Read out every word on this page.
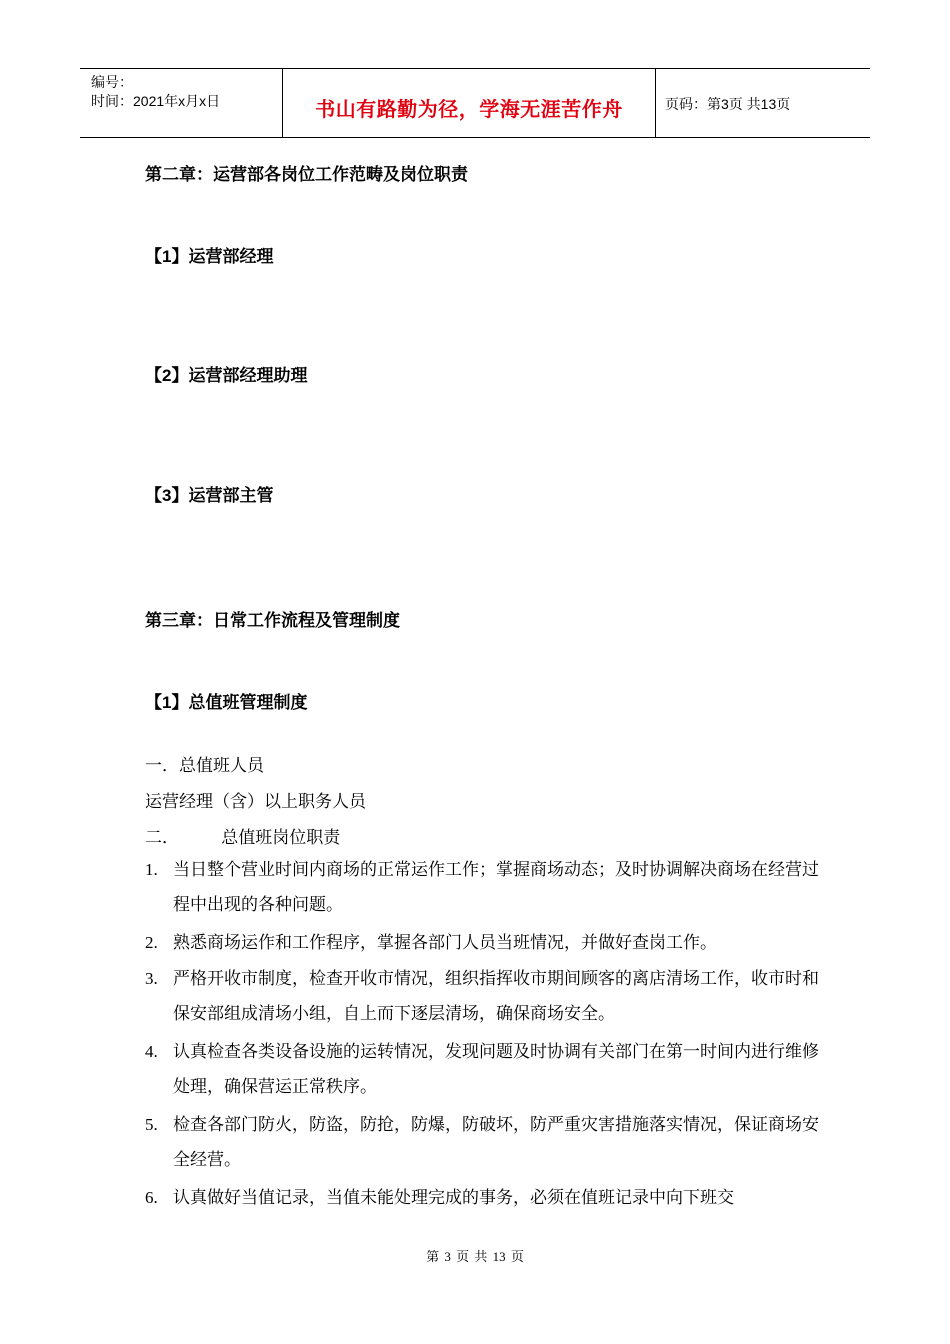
编号：
时间：2021年x月x日	书山有路勤为径，学海无涯苦作舟	页码：第3页 共13页
第二章：运营部各岗位工作范畴及岗位职责
【1】运营部经理
【2】运营部经理助理
【3】运营部主管
第三章：日常工作流程及管理制度
【1】总值班管理制度
一．总值班人员
运营经理（含）以上职务人员
二． 总值班岗位职责
1. 当日整个营业时间内商场的正常运作工作；掌握商场动态；及时协调解决商场在经营过程中出现的各种问题。
2. 熟悉商场运作和工作程序，掌握各部门人员当班情况，并做好查岗工作。
3. 严格开收市制度，检查开收市情况，组织指挥收市期间顾客的离店清场工作，收市时和保安部组成清场小组，自上而下逐层清场，确保商场安全。
4. 认真检查各类设备设施的运转情况，发现问题及时协调有关部门在第一时间内进行维修处理，确保营运正常秩序。
5. 检查各部门防火，防盗，防抢，防爆，防破坏，防严重灾害措施落实情况，保证商场安全经营。
6. 认真做好当值记录，当值未能处理完成的事务，必须在值班记录中向下班交
第 3 页 共 13 页
